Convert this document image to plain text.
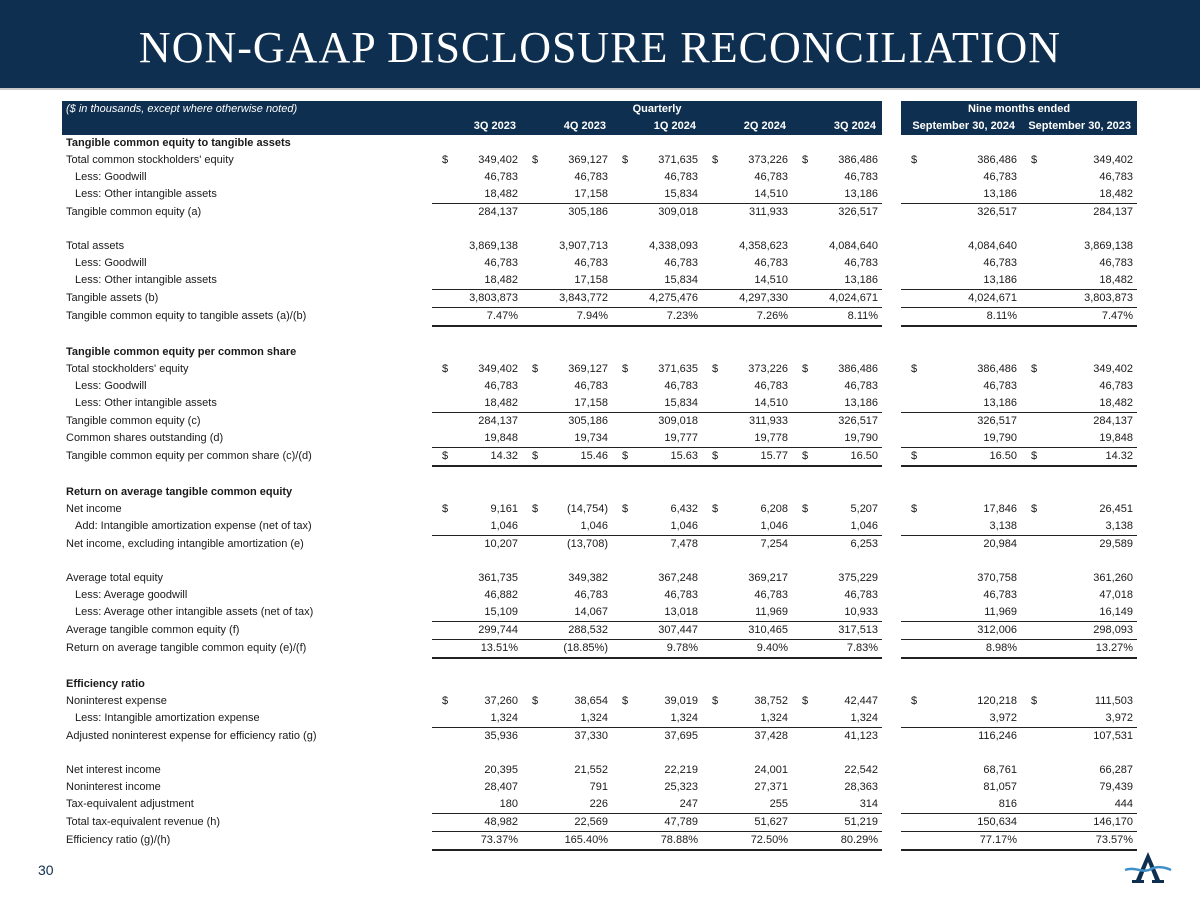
NON-GAAP DISCLOSURE RECONCILIATION
($ in thousands, except where otherwise noted)	Quarterly						Nine months ended	
	3Q 2023	4Q 2023	1Q 2024	2Q 2024	3Q 2024		September 30, 2024	September 30, 2023
Tangible common equity to tangible assets								
Total common stockholders' equity	$ 349,402	$ 369,127	$ 371,635	$ 373,226	$ 386,486		$ 386,486	$ 349,402
Less: Goodwill	46,783	46,783	46,783	46,783	46,783		46,783	46,783
Less: Other intangible assets	18,482	17,158	15,834	14,510	13,186		13,186	18,482
Tangible common equity (a)	284,137	305,186	309,018	311,933	326,517		326,517	284,137

Total assets	3,869,138	3,907,713	4,338,093	4,358,623	4,084,640		4,084,640	3,869,138
Less: Goodwill	46,783	46,783	46,783	46,783	46,783		46,783	46,783
Less: Other intangible assets	18,482	17,158	15,834	14,510	13,186		13,186	18,482
Tangible assets (b)	3,803,873	3,843,772	4,275,476	4,297,330	4,024,671		4,024,671	3,803,873
Tangible common equity to tangible assets (a)/(b)	7.47%	7.94%	7.23%	7.26%	8.11%		8.11%	7.47%

Tangible common equity per common share								
Total stockholders' equity	$ 349,402	$ 369,127	$ 371,635	$ 373,226	$ 386,486		$ 386,486	$ 349,402
Less: Goodwill	46,783	46,783	46,783	46,783	46,783		46,783	46,783
Less: Other intangible assets	18,482	17,158	15,834	14,510	13,186		13,186	18,482
Tangible common equity (c)	284,137	305,186	309,018	311,933	326,517		326,517	284,137
Common shares outstanding (d)	19,848	19,734	19,777	19,778	19,790		19,790	19,848
Tangible common equity per common share (c)/(d)	$ 14.32	$ 15.46	$ 15.63	$ 15.77	$ 16.50		$ 16.50	$ 14.32

Return on average tangible common equity								
Net income	$ 9,161	$ (14,754)	$ 6,432	$ 6,208	$ 5,207		$ 17,846	$ 26,451
Add: Intangible amortization expense (net of tax)	1,046	1,046	1,046	1,046	1,046		3,138	3,138
Net income, excluding intangible amortization (e)	10,207	(13,708)	7,478	7,254	6,253		20,984	29,589

Average total equity	361,735	349,382	367,248	369,217	375,229		370,758	361,260
Less: Average goodwill	46,882	46,783	46,783	46,783	46,783		46,783	47,018
Less: Average other intangible assets (net of tax)	15,109	14,067	13,018	11,969	10,933		11,969	16,149
Average tangible common equity (f)	299,744	288,532	307,447	310,465	317,513		312,006	298,093
Return on average tangible common equity (e)/(f)	13.51%	(18.85%)	9.78%	9.40%	7.83%		8.98%	13.27%

Efficiency ratio								
Noninterest expense	$ 37,260	$ 38,654	$ 39,019	$ 38,752	$ 42,447		$ 120,218	$ 111,503
Less: Intangible amortization expense	1,324	1,324	1,324	1,324	1,324		3,972	3,972
Adjusted noninterest expense for efficiency ratio (g)	35,936	37,330	37,695	37,428	41,123		116,246	107,531

Net interest income	20,395	21,552	22,219	24,001	22,542		68,761	66,287
Noninterest income	28,407	791	25,323	27,371	28,363		81,057	79,439
Tax-equivalent adjustment	180	226	247	255	314		816	444
Total tax-equivalent revenue (h)	48,982	22,569	47,789	51,627	51,219		150,634	146,170
Efficiency ratio (g)/(h)	73.37%	165.40%	78.88%	72.50%	80.29%		77.17%	73.57%
30
